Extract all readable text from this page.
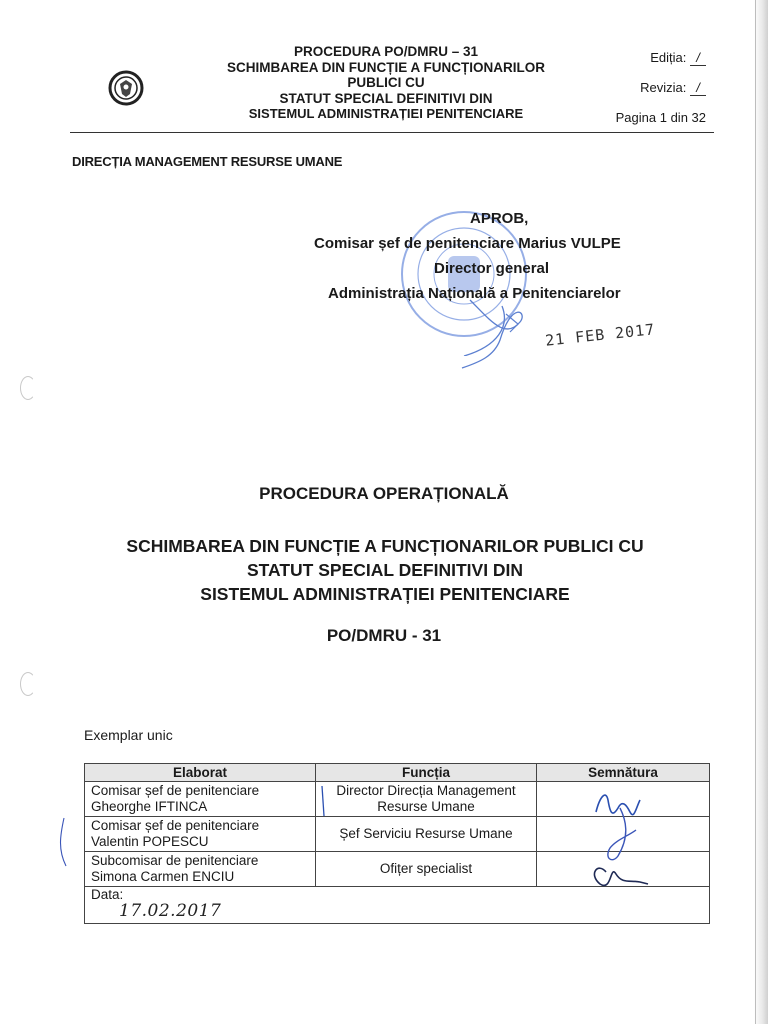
PROCEDURA PO/DMRU – 31
SCHIMBAREA DIN FUNCȚIE A FUNCȚIONARILOR
PUBLICI CU
STATUT SPECIAL DEFINITIVI DIN
SISTEMUL ADMINISTRAȚIEI PENITENCIARE
Ediția: /
Revizia: /
Pagina 1 din 32
DIRECȚIA MANAGEMENT RESURSE UMANE
APROB,
Comisar șef de penitenciare Marius VULPE
Director general
Administrația Națională a Penitenciarelor
21 FEB 2017
PROCEDURA OPERAȚIONALĂ
SCHIMBAREA DIN FUNCȚIE A FUNCȚIONARILOR PUBLICI CU
STATUT SPECIAL DEFINITIVI DIN
SISTEMUL ADMINISTRAȚIEI PENITENCIARE
PO/DMRU - 31
Exemplar unic
Elaborat	Funcția	Semnătura

Comisar șef de penitenciare
Gheorghe IFTINCA	Director Direcția Management Resurse Umane	

Comisar șef de penitenciare
Valentin POPESCU	Șef Serviciu Resurse Umane	

Subcomisar de penitenciare
Simona Carmen ENCIU	Ofițer specialist	

Data:
17.02.2017		
